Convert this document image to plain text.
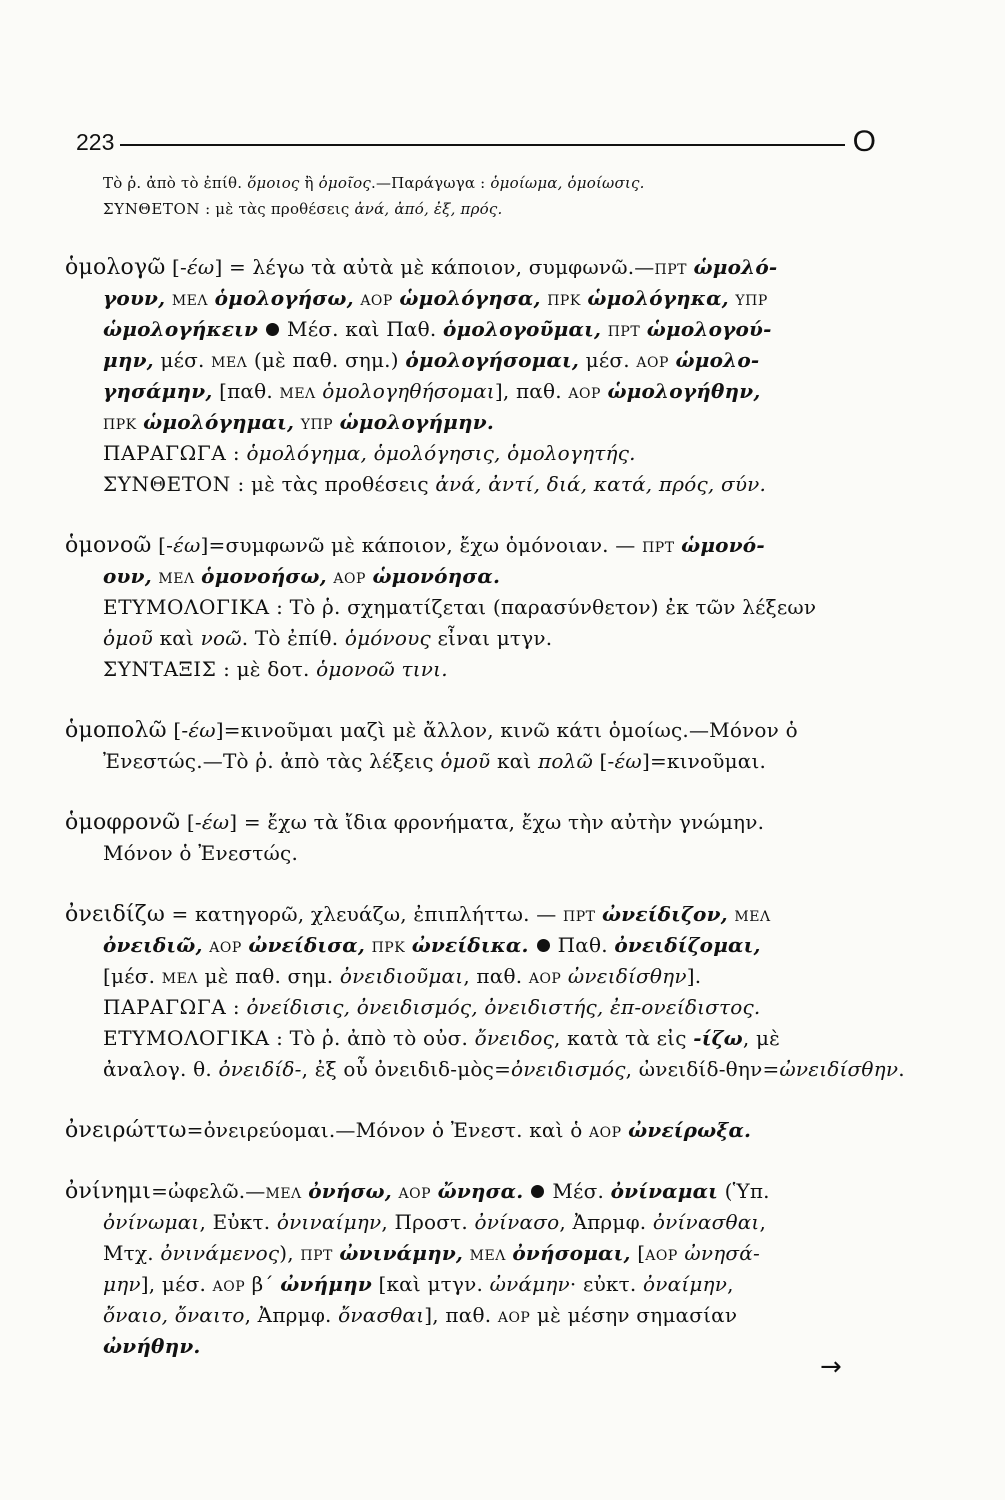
223	Ο
Τὸ ῥ. ἀπὸ τὸ ἐπίθ. ὅμοιος ἢ ὁμοῖος.—Παράγωγα : ὁμοίωμα, ὁμοίωσις.
ΣΥΝΘΕΤΟΝ : μὲ τὰς προθέσεις ἀνά, ἀπό, ἐξ, πρός.
ὁμολογῶ [-έω] = λέγω τὰ αὐτὰ μὲ κάποιον, συμφωνῶ.—ΠΡΤ ὡμολό-
γουν, ΜΕΛ ὁμολογήσω, ΑΟΡ ὡμολόγησα, ΠΡΚ ὡμολόγηκα, ΥΠΡ
ὡμολογήκειν Μέσ. καὶ Παθ. ὁμολογοῦμαι, ΠΡΤ ὡμολογού-
μην, μέσ. ΜΕΛ (μὲ παθ. σημ.) ὁμολογήσομαι, μέσ. ΑΟΡ ὡμολο-
γησάμην, [παθ. ΜΕΛ ὁμολογηθήσομαι], παθ. ΑΟΡ ὡμολογήθην,
ΠΡΚ ὡμολόγημαι, ΥΠΡ ὡμολογήμην.
ΠΑΡΑΓΩΓΑ : ὁμολόγημα, ὁμολόγησις, ὁμολογητής.
ΣΥΝΘΕΤΟΝ : μὲ τὰς προθέσεις ἀνά, ἀντί, διά, κατά, πρός, σύν.
ὁμονοῶ [-έω]=συμφωνῶ μὲ κάποιον, ἔχω ὁμόνοιαν. — ΠΡΤ ὡμονό-
ουν, ΜΕΛ ὁμονοήσω, ΑΟΡ ὡμονόησα.
ΕΤΥΜΟΛΟΓΙΚΑ : Τὸ ῥ. σχηματίζεται (παρασύνθετον) ἐκ τῶν λέξεων
ὁμοῦ καὶ νοῶ. Τὸ ἐπίθ. ὁμόνους εἶναι μτγν.
ΣΥΝΤΑΞΙΣ : μὲ δοτ. ὁμονοῶ τινι.
ὁμοπολῶ [-έω]=κινοῦμαι μαζὶ μὲ ἄλλον, κινῶ κάτι ὁμοίως.—Μόνον ὁ
Ἐνεστώς.—Τὸ ῥ. ἀπὸ τὰς λέξεις ὁμοῦ καὶ πολῶ [-έω]=κινοῦμαι.
ὁμοφρονῶ [-έω] = ἔχω τὰ ἴδια φρονήματα, ἔχω τὴν αὐτὴν γνώμην.
Μόνον ὁ Ἐνεστώς.
ὀνειδίζω = κατηγορῶ, χλευάζω, ἐπιπλήττω. — ΠΡΤ ὠνείδιζον, ΜΕΛ
ὀνειδιῶ, ΑΟΡ ὠνείδισα, ΠΡΚ ὠνείδικα. Παθ. ὀνειδίζομαι,
[μέσ. ΜΕΛ μὲ παθ. σημ. ὀνειδιοῦμαι, παθ. ΑΟΡ ὠνειδίσθην].
ΠΑΡΑΓΩΓΑ : ὀνείδισις, ὀνειδισμός, ὀνειδιστής, ἐπ-ονείδιστος.
ΕΤΥΜΟΛΟΓΙΚΑ : Τὸ ῥ. ἀπὸ τὸ οὐσ. ὄνειδος, κατὰ τὰ εἰς -ίζω, μὲ
ἀναλογ. θ. ὀνειδίδ-, ἐξ οὗ ὀνειδιδ-μὸς=ὀνειδισμός, ὠνειδίδ-θην=ὠνειδίσθην.
ὀνειρώττω=ὀνειρεύομαι.—Μόνον ὁ Ἐνεστ. καὶ ὁ ΑΟΡ ὠνείρωξα.
ὀνίνημι=ὠφελῶ.—ΜΕΛ ὀνήσω, ΑΟΡ ὤνησα. Μέσ. ὀνίναμαι (Ὑπ.
ὀνίνωμαι, Εὐκτ. ὀνιναίμην, Προστ. ὀνίνασο, Ἀπρμφ. ὀνίνασθαι,
Μτχ. ὀνινάμενος), ΠΡΤ ὠνινάμην, ΜΕΛ ὀνήσομαι, [ΑΟΡ ὠνησά-
μην], μέσ. ΑΟΡ β΄ ὠνήμην [καὶ μτγν. ὠνάμην· εὐκτ. ὀναίμην,
ὄναιο, ὄναιτο, Ἀπρμφ. ὄνασθαι], παθ. ΑΟΡ μὲ μέσην σημασίαν
ὠνήθην.
→
